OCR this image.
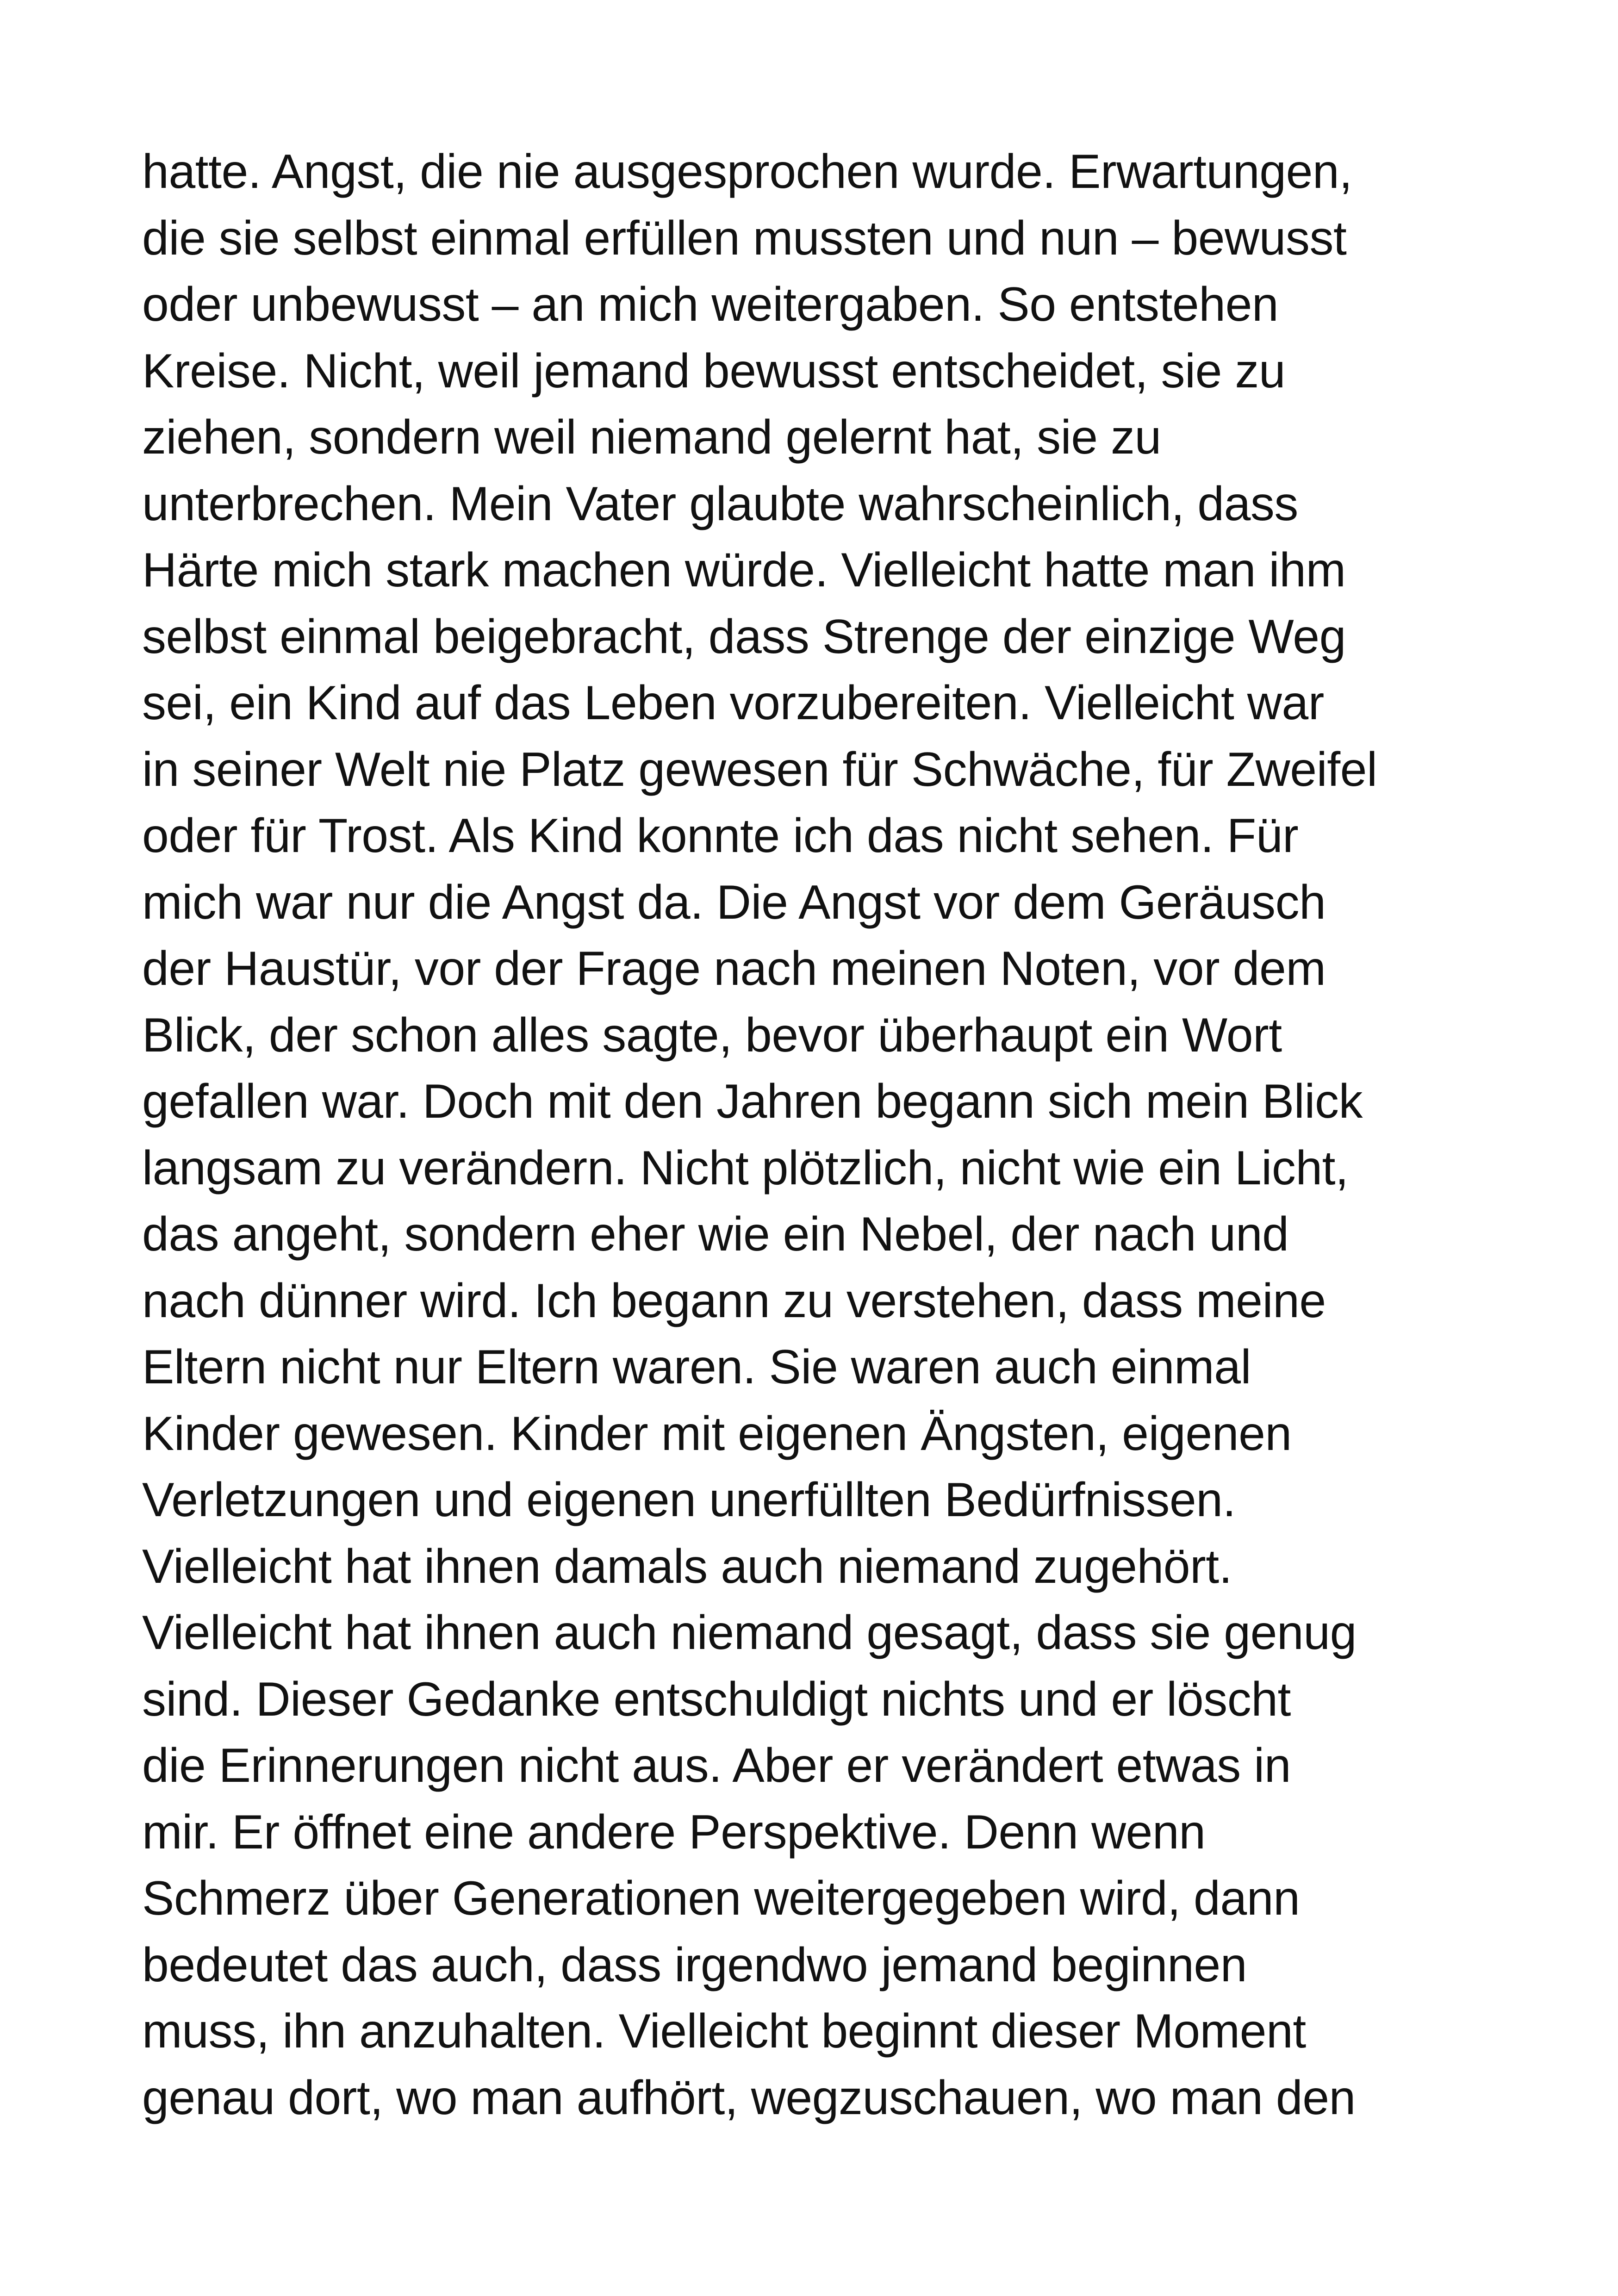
hatte. Angst, die nie ausgesprochen wurde. Erwartungen,
die sie selbst einmal erfüllen mussten und nun – bewusst
oder unbewusst – an mich weitergaben. So entstehen
Kreise. Nicht, weil jemand bewusst entscheidet, sie zu
ziehen, sondern weil niemand gelernt hat, sie zu
unterbrechen. Mein Vater glaubte wahrscheinlich, dass
Härte mich stark machen würde. Vielleicht hatte man ihm
selbst einmal beigebracht, dass Strenge der einzige Weg
sei, ein Kind auf das Leben vorzubereiten. Vielleicht war
in seiner Welt nie Platz gewesen für Schwäche, für Zweifel
oder für Trost. Als Kind konnte ich das nicht sehen. Für
mich war nur die Angst da. Die Angst vor dem Geräusch
der Haustür, vor der Frage nach meinen Noten, vor dem
Blick, der schon alles sagte, bevor überhaupt ein Wort
gefallen war. Doch mit den Jahren begann sich mein Blick
langsam zu verändern. Nicht plötzlich, nicht wie ein Licht,
das angeht, sondern eher wie ein Nebel, der nach und
nach dünner wird. Ich begann zu verstehen, dass meine
Eltern nicht nur Eltern waren. Sie waren auch einmal
Kinder gewesen. Kinder mit eigenen Ängsten, eigenen
Verletzungen und eigenen unerfüllten Bedürfnissen.
Vielleicht hat ihnen damals auch niemand zugehört.
Vielleicht hat ihnen auch niemand gesagt, dass sie genug
sind. Dieser Gedanke entschuldigt nichts und er löscht
die Erinnerungen nicht aus. Aber er verändert etwas in
mir. Er öffnet eine andere Perspektive. Denn wenn
Schmerz über Generationen weitergegeben wird, dann
bedeutet das auch, dass irgendwo jemand beginnen
muss, ihn anzuhalten. Vielleicht beginnt dieser Moment
genau dort, wo man aufhört, wegzuschauen, wo man den
